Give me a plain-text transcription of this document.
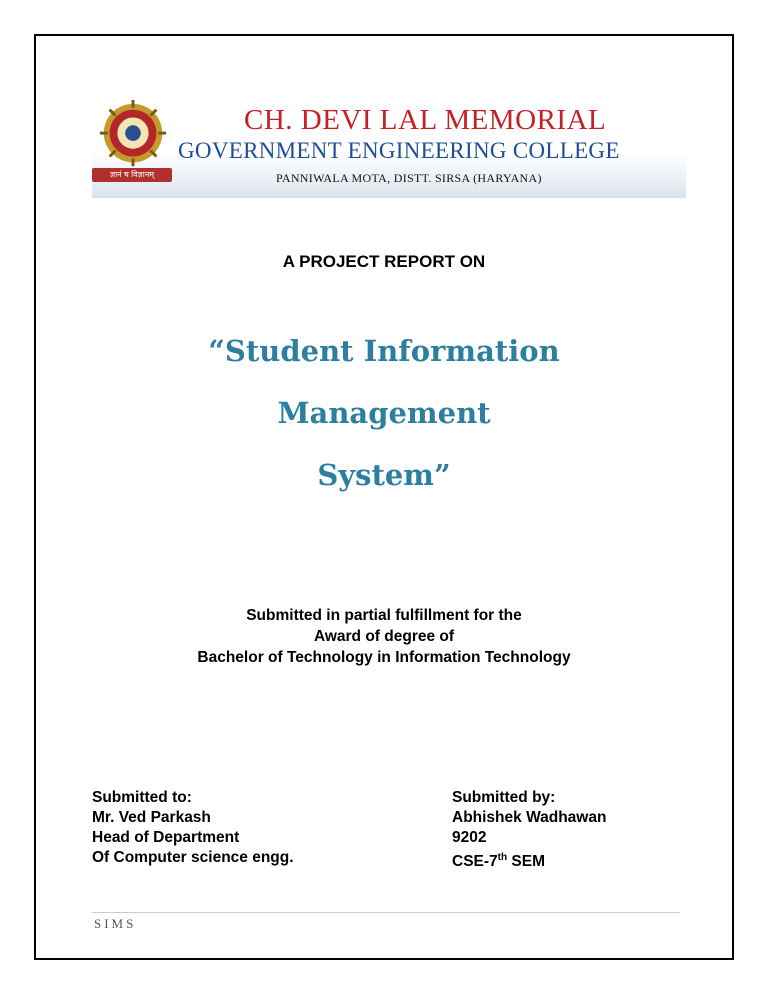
ज्ञानं च विज्ञानम्
CH. DEVI LAL MEMORIAL
GOVERNMENT ENGINEERING COLLEGE
PANNIWALA MOTA, DISTT. SIRSA (HARYANA)
A PROJECT REPORT ON
“Student Information Management
System”
Submitted in partial fulfillment for the
Award of degree of
Bachelor of Technology in Information Technology
Submitted to:
Mr. Ved Parkash
Head of Department
Of Computer science engg.
Submitted by:
Abhishek Wadhawan
9202
CSE-7th SEM
SIMS
